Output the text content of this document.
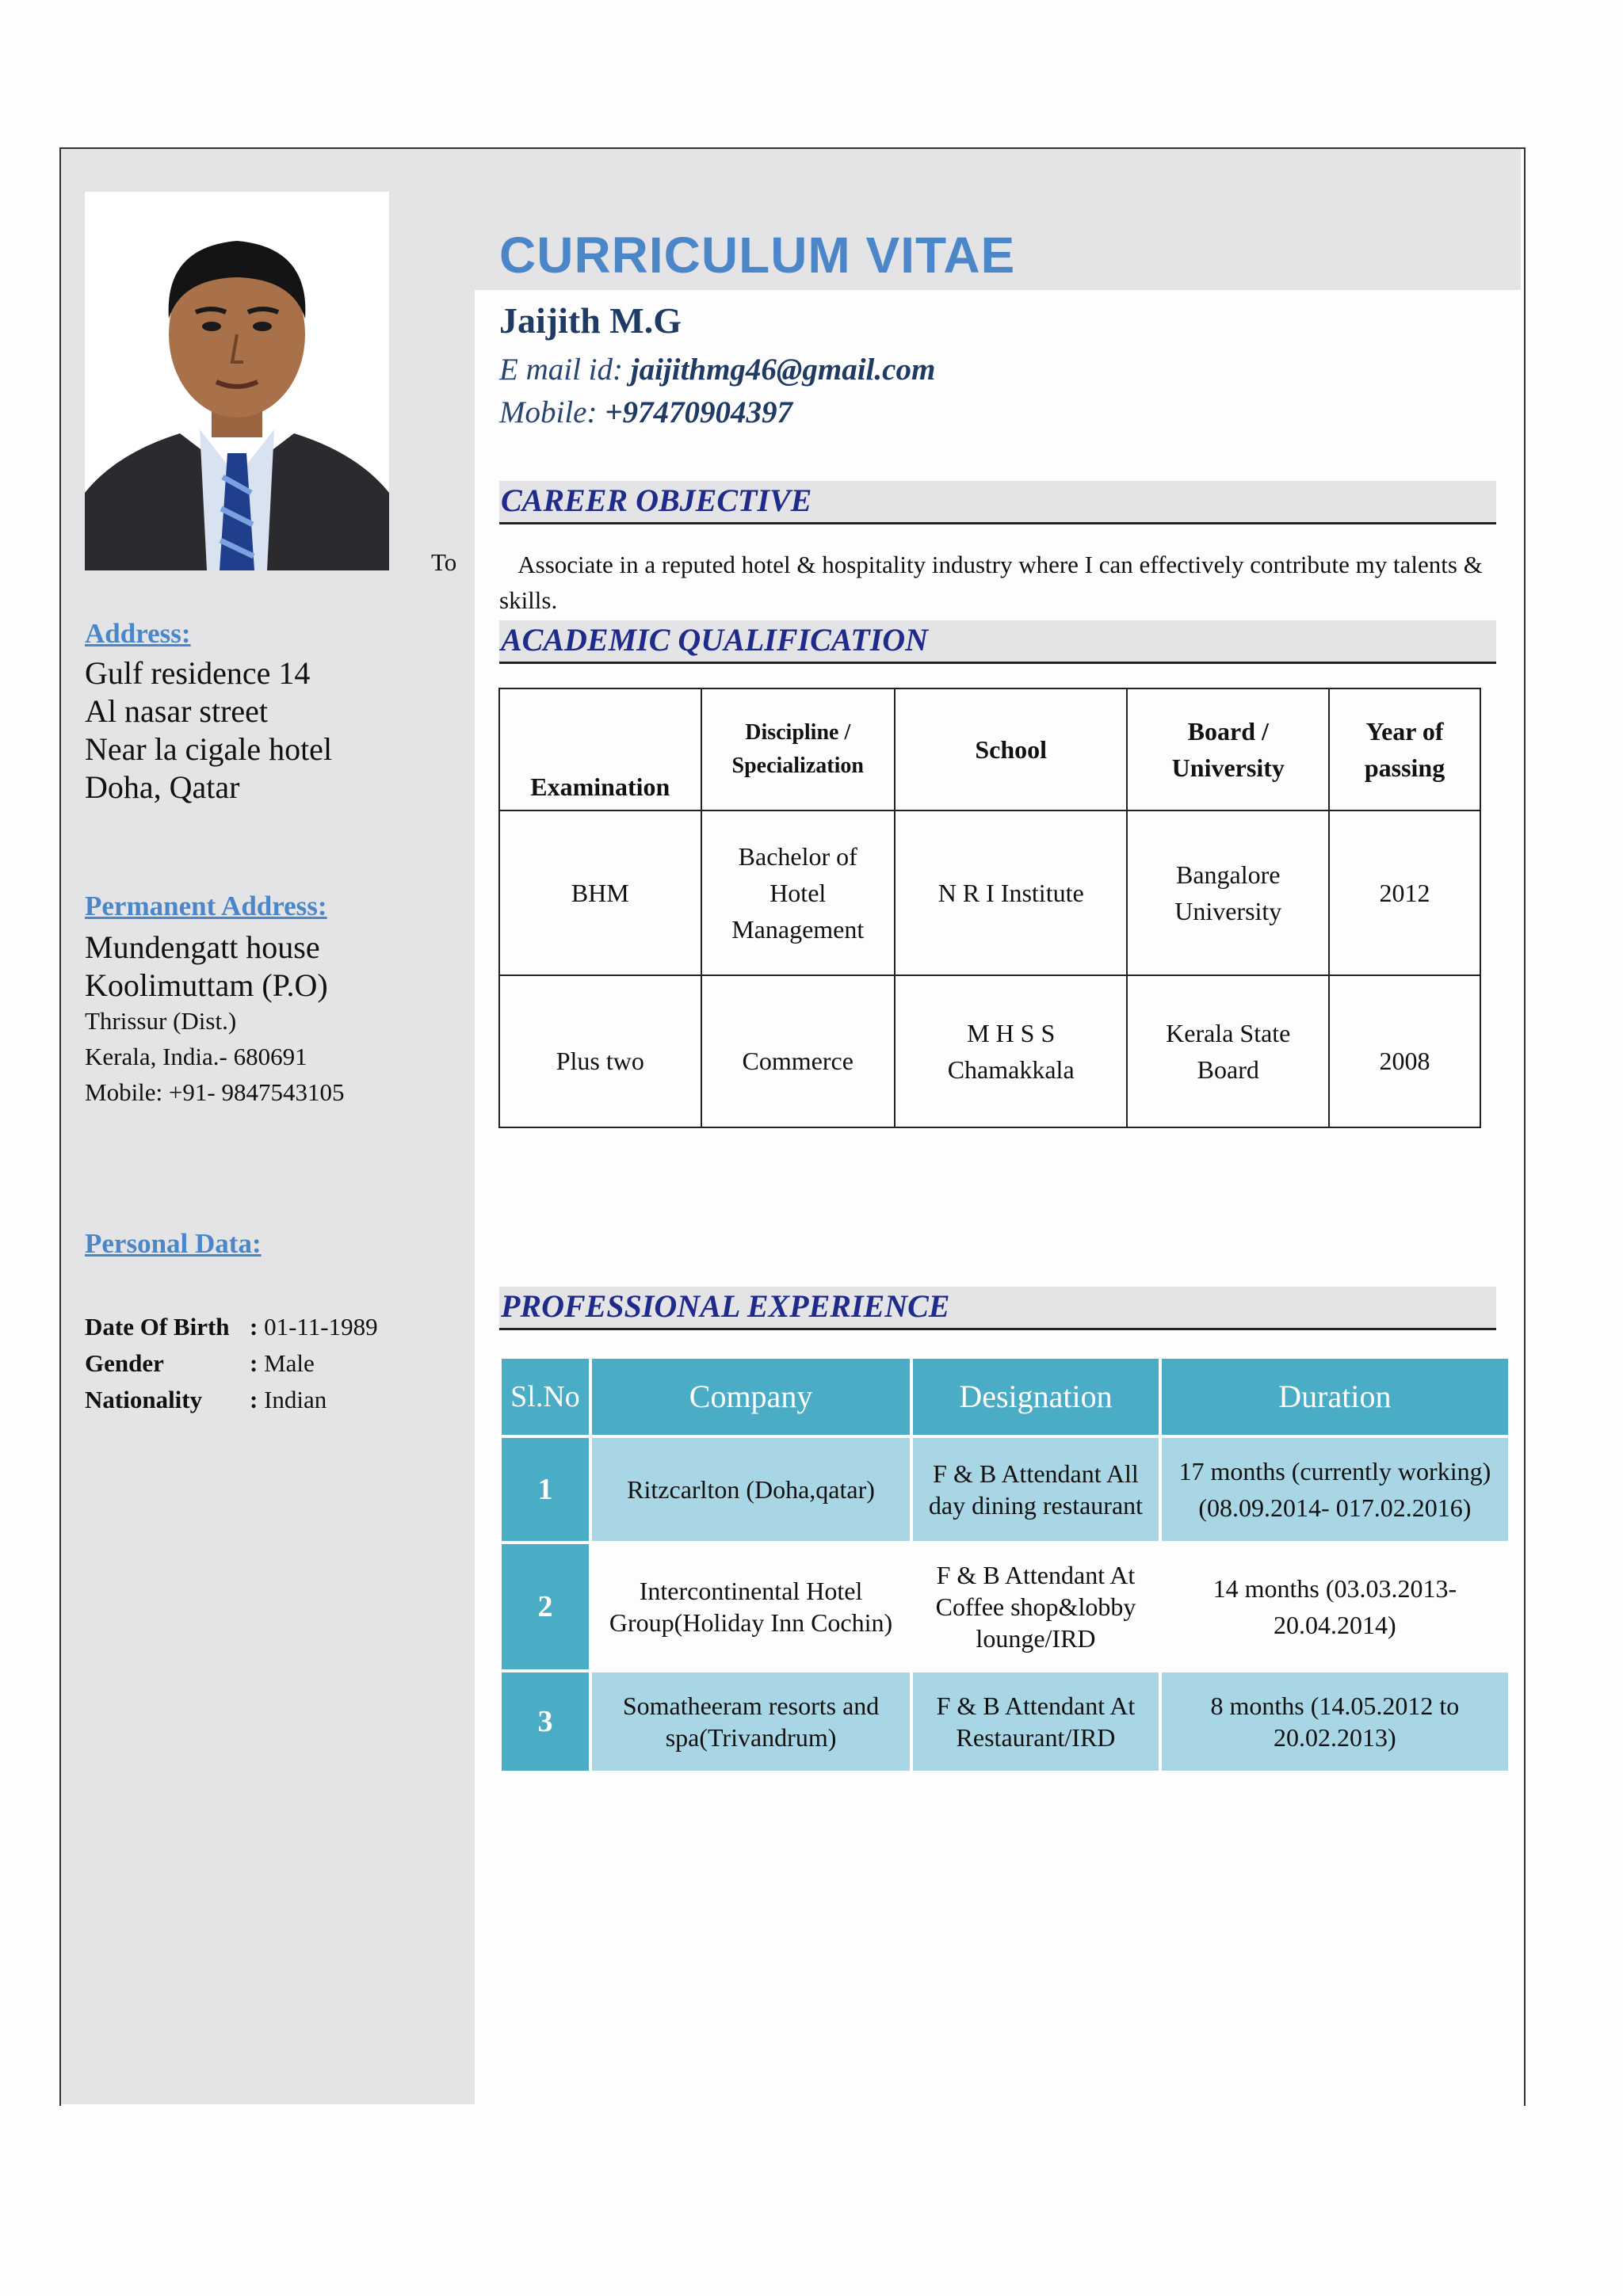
To
Address:
Gulf residence 14
Al nasar street
Near la cigale hotel
Doha, Qatar
Permanent Address:
Mundengatt house
Koolimuttam (P.O)
Thrissur (Dist.)
Kerala, India.- 680691
Mobile: +91- 9847543105
Personal Data:
Date Of Birth : 01-11-1989
Gender	: Male
Nationality : Indian
CURRICULUM VITAE
Jaijith M.G
E mail id: jaijithmg46@gmail.com
Mobile: +97470904397
CAREER OBJECTIVE
Associate in a reputed hotel & hospitality industry where I can effectively contribute my talents & skills.
ACADEMIC QUALIFICATION
Examination	Discipline / Specialization	School	Board / University	Year of passing
BHM	Bachelor of Hotel Management	N R I Institute	Bangalore University	2012
Plus two	Commerce	M H S S Chamakkala	Kerala State Board	2008
PROFESSIONAL EXPERIENCE
Sl.No	Company	Designation	Duration
1	Ritzcarlton (Doha,qatar)	F & B Attendant All day dining restaurant	17 months (currently working) (08.09.2014- 017.02.2016)
2	Intercontinental Hotel Group(Holiday Inn Cochin)	F & B Attendant At Coffee shop&lobby lounge/IRD	14 months (03.03.2013- 20.04.2014)
3	Somatheeram resorts and spa(Trivandrum)	F & B Attendant At Restaurant/IRD	8 months (14.05.2012 to 20.02.2013)
